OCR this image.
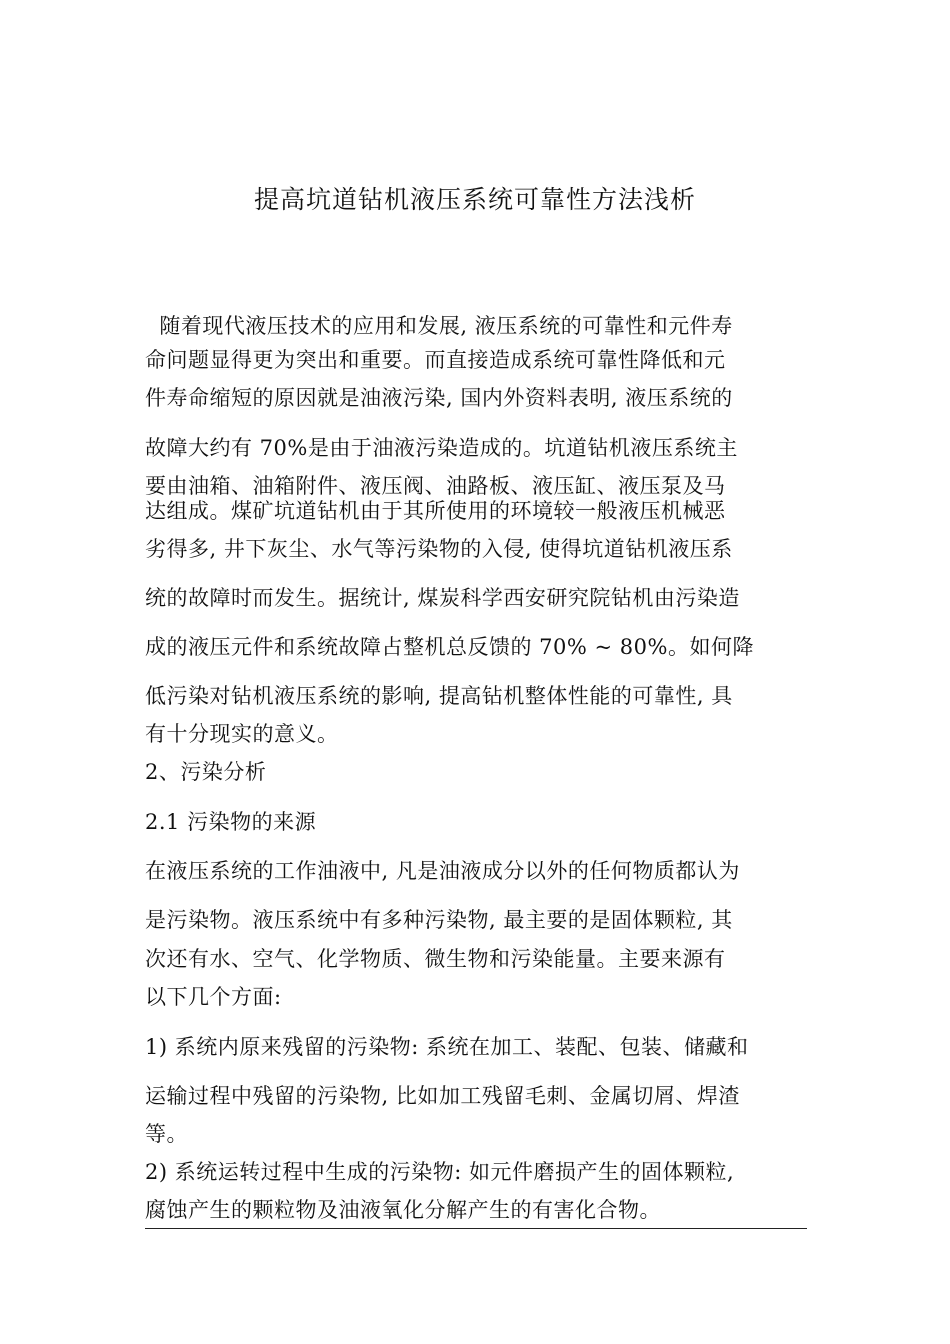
提高坑道钻机液压系统可靠性方法浅析
随着现代液压技术的应用和发展, 液压系统的可靠性和元件寿
命问题显得更为突出和重要。而直接造成系统可靠性降低和元
件寿命缩短的原因就是油液污染, 国内外资料表明, 液压系统的
故障大约有 70%是由于油液污染造成的。坑道钻机液压系统主
要由油箱、油箱附件、液压阀、油路板、液压缸、液压泵及马
达组成。煤矿坑道钻机由于其所使用的环境较一般液压机械恶
劣得多, 井下灰尘、水气等污染物的入侵, 使得坑道钻机液压系
统的故障时而发生。据统计, 煤炭科学西安研究院钻机由污染造
成的液压元件和系统故障占整机总反馈的 70% ~ 80%。如何降
低污染对钻机液压系统的影响, 提高钻机整体性能的可靠性, 具
有十分现实的意义。
2、污染分析
2.1 污染物的来源
在液压系统的工作油液中, 凡是油液成分以外的任何物质都认为
是污染物。液压系统中有多种污染物, 最主要的是固体颗粒, 其
次还有水、空气、化学物质、微生物和污染能量。主要来源有
以下几个方面:
1) 系统内原来残留的污染物: 系统在加工、装配、包装、储藏和
运输过程中残留的污染物, 比如加工残留毛刺、金属切屑、焊渣
等。
2) 系统运转过程中生成的污染物: 如元件磨损产生的固体颗粒,
腐蚀产生的颗粒物及油液氧化分解产生的有害化合物。
